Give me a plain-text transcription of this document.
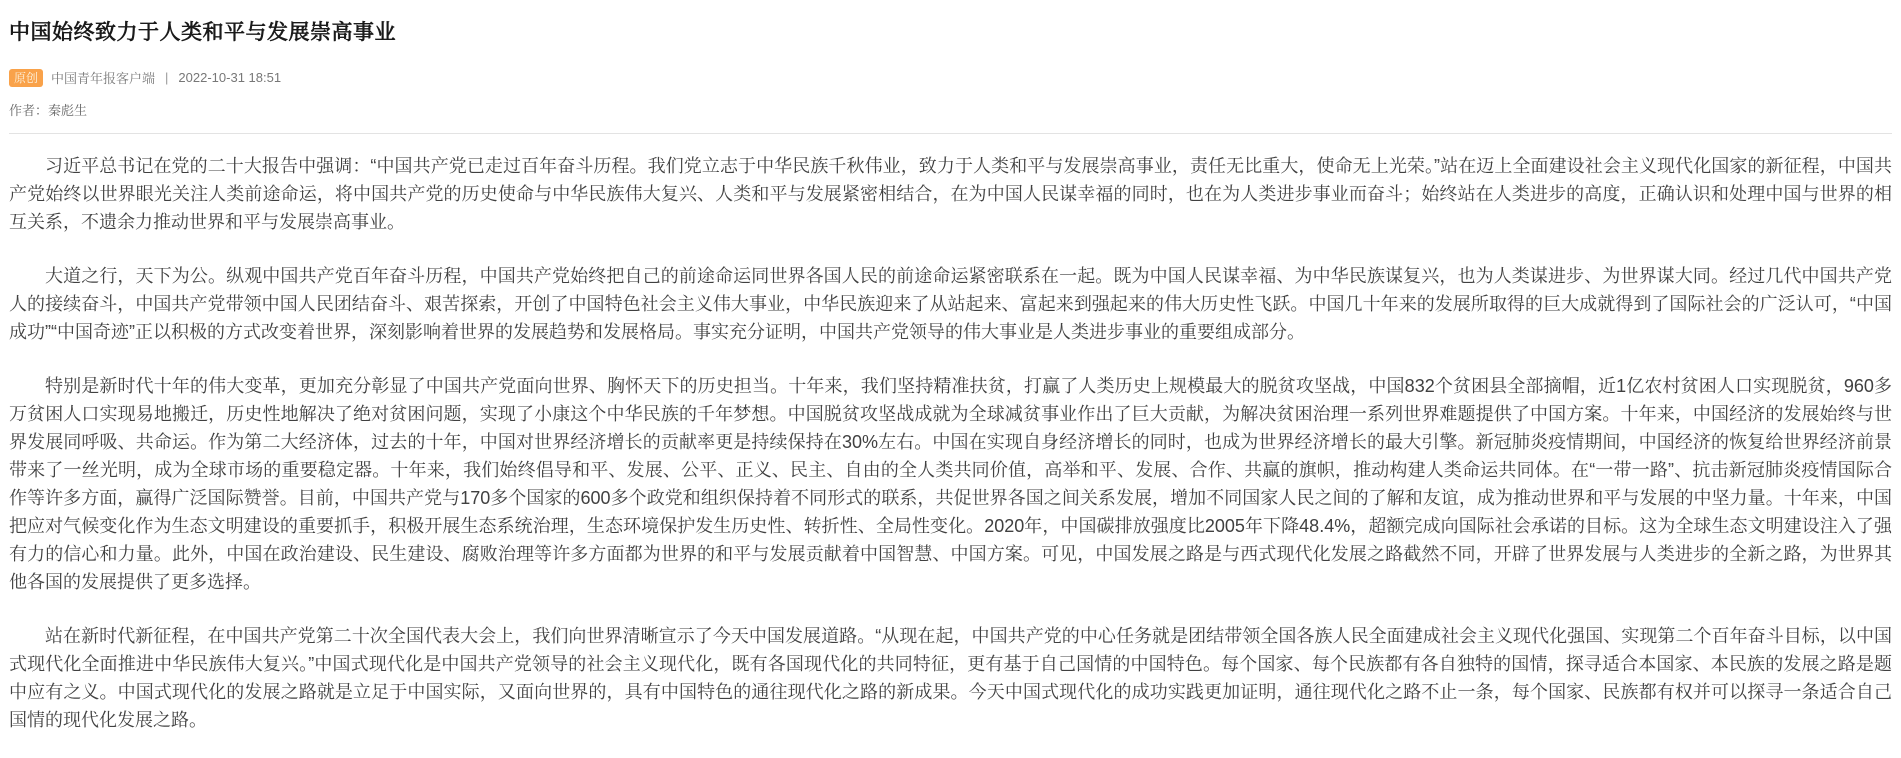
中国始终致力于人类和平与发展崇高事业
原创	中国青年报客户端 | 2022-10-31 18:51
作者：秦彪生

习近平总书记在党的二十大报告中强调：“中国共产党已走过百年奋斗历程。我们党立志于中华民族千秋伟业，致力于人类和平与发展崇高事业，责任无比重大，使命无上光荣。”站在迈上全面建设社会主义现代化国家的新征程，中国共产党始终以世界眼光关注人类前途命运，将中国共产党的历史使命与中华民族伟大复兴、人类和平与发展紧密相结合，在为中国人民谋幸福的同时，也在为人类进步事业而奋斗；始终站在人类进步的高度，正确认识和处理中国与世界的相互关系，不遗余力推动世界和平与发展崇高事业。

大道之行，天下为公。纵观中国共产党百年奋斗历程，中国共产党始终把自己的前途命运同世界各国人民的前途命运紧密联系在一起。既为中国人民谋幸福、为中华民族谋复兴，也为人类谋进步、为世界谋大同。经过几代中国共产党人的接续奋斗，中国共产党带领中国人民团结奋斗、艰苦探索，开创了中国特色社会主义伟大事业，中华民族迎来了从站起来、富起来到强起来的伟大历史性飞跃。中国几十年来的发展所取得的巨大成就得到了国际社会的广泛认可，“中国成功”“中国奇迹”正以积极的方式改变着世界，深刻影响着世界的发展趋势和发展格局。事实充分证明，中国共产党领导的伟大事业是人类进步事业的重要组成部分。

特别是新时代十年的伟大变革，更加充分彰显了中国共产党面向世界、胸怀天下的历史担当。十年来，我们坚持精准扶贫，打赢了人类历史上规模最大的脱贫攻坚战，中国832个贫困县全部摘帽，近1亿农村贫困人口实现脱贫，960多万贫困人口实现易地搬迁，历史性地解决了绝对贫困问题，实现了小康这个中华民族的千年梦想。中国脱贫攻坚战成就为全球减贫事业作出了巨大贡献，为解决贫困治理一系列世界难题提供了中国方案。十年来，中国经济的发展始终与世界发展同呼吸、共命运。作为第二大经济体，过去的十年，中国对世界经济增长的贡献率更是持续保持在30%左右。中国在实现自身经济增长的同时，也成为世界经济增长的最大引擎。新冠肺炎疫情期间，中国经济的恢复给世界经济前景带来了一丝光明，成为全球市场的重要稳定器。十年来，我们始终倡导和平、发展、公平、正义、民主、自由的全人类共同价值，高举和平、发展、合作、共赢的旗帜，推动构建人类命运共同体。在“一带一路”、抗击新冠肺炎疫情国际合作等许多方面，赢得广泛国际赞誉。目前，中国共产党与170多个国家的600多个政党和组织保持着不同形式的联系，共促世界各国之间关系发展，增加不同国家人民之间的了解和友谊，成为推动世界和平与发展的中坚力量。十年来，中国把应对气候变化作为生态文明建设的重要抓手，积极开展生态系统治理，生态环境保护发生历史性、转折性、全局性变化。2020年，中国碳排放强度比2005年下降48.4%，超额完成向国际社会承诺的目标。这为全球生态文明建设注入了强有力的信心和力量。此外，中国在政治建设、民生建设、腐败治理等许多方面都为世界的和平与发展贡献着中国智慧、中国方案。可见，中国发展之路是与西式现代化发展之路截然不同，开辟了世界发展与人类进步的全新之路，为世界其他各国的发展提供了更多选择。

站在新时代新征程，在中国共产党第二十次全国代表大会上，我们向世界清晰宣示了今天中国发展道路。“从现在起，中国共产党的中心任务就是团结带领全国各族人民全面建成社会主义现代化强国、实现第二个百年奋斗目标，以中国式现代化全面推进中华民族伟大复兴。”中国式现代化是中国共产党领导的社会主义现代化，既有各国现代化的共同特征，更有基于自己国情的中国特色。每个国家、每个民族都有各自独特的国情，探寻适合本国家、本民族的发展之路是题中应有之义。中国式现代化的发展之路就是立足于中国实际，又面向世界的，具有中国特色的通往现代化之路的新成果。今天中国式现代化的成功实践更加证明，通往现代化之路不止一条，每个国家、民族都有权并可以探寻一条适合自己国情的现代化发展之路。
